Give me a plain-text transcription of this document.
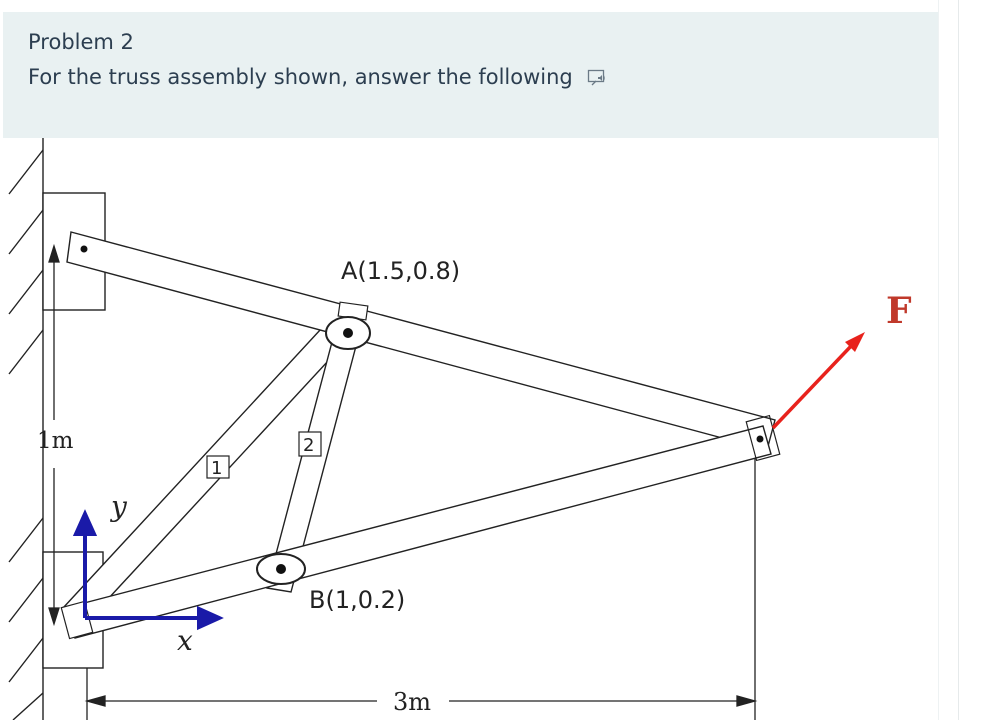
Problem 2
For the truss assembly shown, answer the following
1m
3m
1
2
F
A(1.5,0.8)
B(1,0.2)
y
x
